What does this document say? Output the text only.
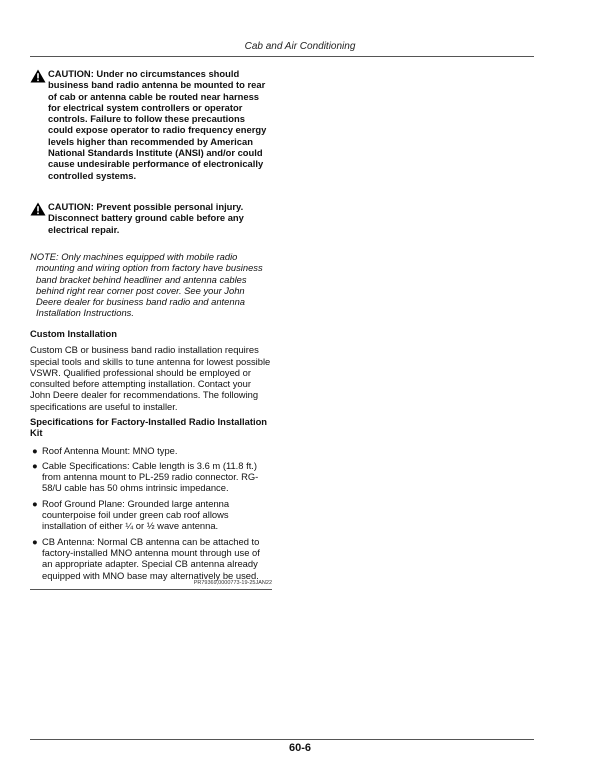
Cab and Air Conditioning
CAUTION: Under no circumstances should business band radio antenna be mounted to rear of cab or antenna cable be routed near harness for electrical system controllers or operator controls. Failure to follow these precautions could expose operator to radio frequency energy levels higher than recommended by American National Standards Institute (ANSI) and/or could cause undesirable performance of electronically controlled systems.
CAUTION: Prevent possible personal injury. Disconnect battery ground cable before any electrical repair.
NOTE: Only machines equipped with mobile radio
mounting and wiring option from factory have business band bracket behind headliner and antenna cables behind right rear corner post cover. See your John Deere dealer for business band radio and antenna Installation Instructions.
Custom Installation
Custom CB or business band radio installation requires special tools and skills to tune antenna for lowest possible VSWR. Qualified professional should be employed or consulted before attempting installation. Contact your John Deere dealer for recommendations. The following specifications are useful to installer.
Specifications for Factory-Installed Radio Installation Kit
● Roof Antenna Mount: MNO type.
● Cable Specifications: Cable length is 3.6 m (11.8 ft.) from antenna mount to PL-259 radio connector. RG-58/U cable has 50 ohms intrinsic impedance.
● Roof Ground Plane: Grounded large antenna counterpoise foil under green cab roof allows installation of either ¼ or ½ wave antenna.
● CB Antenna: Normal CB antenna can be attached to factory-installed MNO antenna mount through use of an appropriate adapter. Special CB antenna already equipped with MNO base may alternatively be used.
PR79369,0000773-19-25JAN22
60-6
